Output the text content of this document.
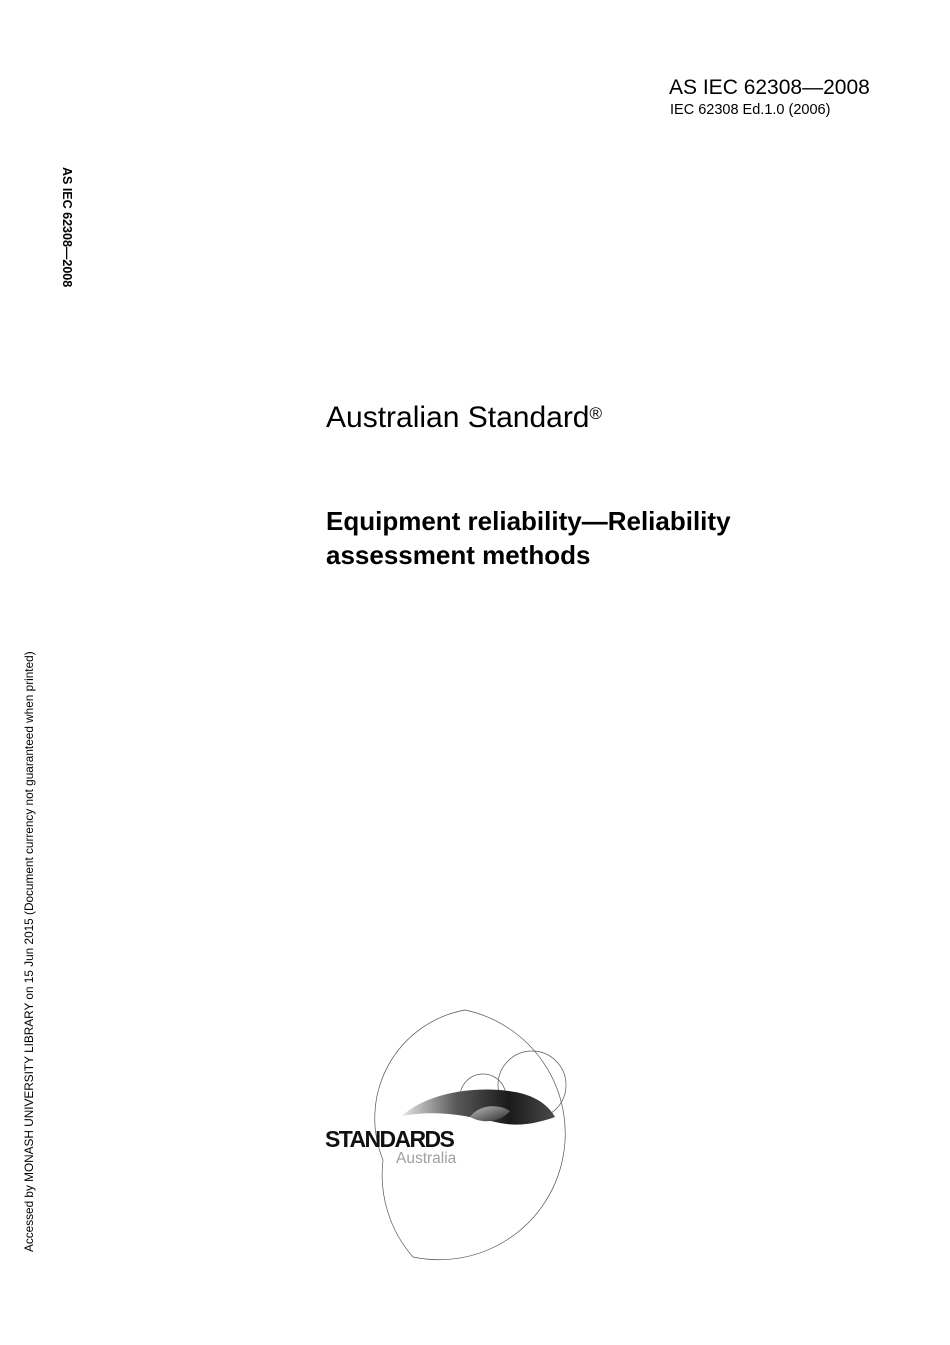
AS IEC 62308—2008
IEC 62308 Ed.1.0 (2006)
AS IEC 62308—2008
Accessed by MONASH UNIVERSITY LIBRARY on 15 Jun 2015 (Document currency not guaranteed when printed)
Australian Standard®
Equipment reliability—Reliability
assessment methods
STANDARDS
Australia
